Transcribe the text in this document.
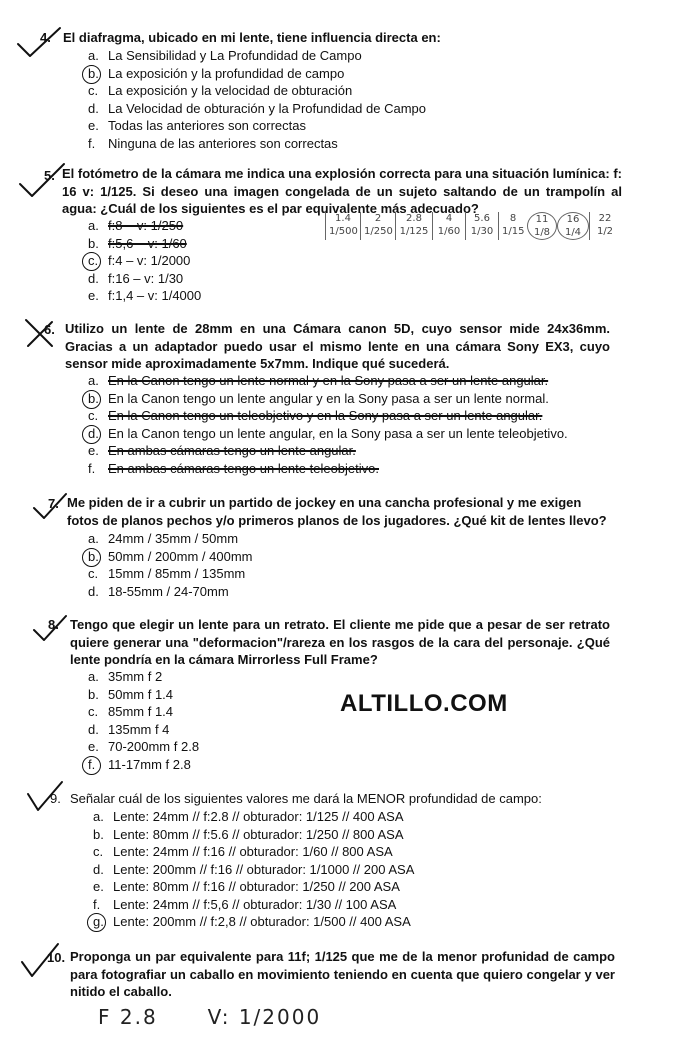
4. El diafragma, ubicado en mi lente, tiene influencia directa en:

a. La Sensibilidad y La Profundidad de Campo
b. La exposición y la profundidad de campo
c. La exposición y la velocidad de obturación
d. La Velocidad de obturación y la Profundidad de Campo
e. Todas las anteriores son correctas
f. Ninguna de las anteriores son correctas
5. El fotómetro de la cámara me indica una explosión correcta para una situación lumínica: f: 16 v: 1/125. Si deseo una imagen congelada de un sujeto saltando de un trampolín al agua: ¿Cuál de los siguientes es el par equivalente más adecuado?

a. f:8 – v: 1/250
b. f:5,6 – v: 1/60
c. f:4 – v: 1/2000
d. f:16 – v: 1/30
e. f:1,4 – v: 1/4000
1.4 1/500
2 1/250
2.8 1/125
4 1/60
5.6 1/30
8 1/15
11 1/8
16 1/4
22 1/2
6. Utilizo un lente de 28mm en una Cámara canon 5D, cuyo sensor mide 24x36mm. Gracias a un adaptador puedo usar el mismo lente en una cámara Sony EX3, cuyo sensor mide aproximadamente 5x7mm. Indique qué sucederá.

a. En la Canon tengo un lente normal y en la Sony pasa a ser un lente angular.
b. En la Canon tengo un lente angular y en la Sony pasa a ser un lente normal.
c. En la Canon tengo un teleobjetivo y en la Sony pasa a ser un lente angular.
d. En la Canon tengo un lente angular, en la Sony pasa a ser un lente teleobjetivo.
e. En ambas cámaras tengo un lente angular.
f. En ambas cámaras tengo un lente teleobjetivo.
7. Me piden de ir a cubrir un partido de jockey en una cancha profesional y me exigen fotos de planos pechos y/o primeros planos de los jugadores. ¿Qué kit de lentes llevo?

a. 24mm / 35mm / 50mm
b. 50mm / 200mm / 400mm
c. 15mm / 85mm / 135mm
d. 18-55mm / 24-70mm
8. Tengo que elegir un lente para un retrato. El cliente me pide que a pesar de ser retrato quiere generar una "deformacion"/rareza en los rasgos de la cara del personaje. ¿Qué lente pondría en la cámara Mirrorless Full Frame?

a. 35mm f 2
b. 50mm f 1.4
c. 85mm f 1.4
d. 135mm f 4
e. 70-200mm f 2.8
f. 11-17mm f 2.8

ALTILLO.COM

9. Señalar cuál de los siguientes valores me dará la MENOR profundidad de campo:

a. Lente: 24mm // f:2.8 // obturador: 1/125 // 400 ASA
b. Lente: 80mm // f:5.6 // obturador: 1/250 // 800 ASA
c. Lente: 24mm // f:16 // obturador: 1/60 // 800 ASA
d. Lente: 200mm // f:16 // obturador: 1/1000 // 200 ASA
e. Lente: 80mm // f:16 // obturador: 1/250 // 200 ASA
f. Lente: 24mm // f:5,6 // obturador: 1/30 // 100 ASA
g. Lente: 200mm // f:2,8 // obturador: 1/500 // 400 ASA
10. Proponga un par equivalente para 11f; 1/125 que me de la menor profunidad de campo para fotografiar un caballo en movimiento teniendo en cuenta que quiero congelar y ver nitido el caballo.

F 2.8	V: 1/2000
